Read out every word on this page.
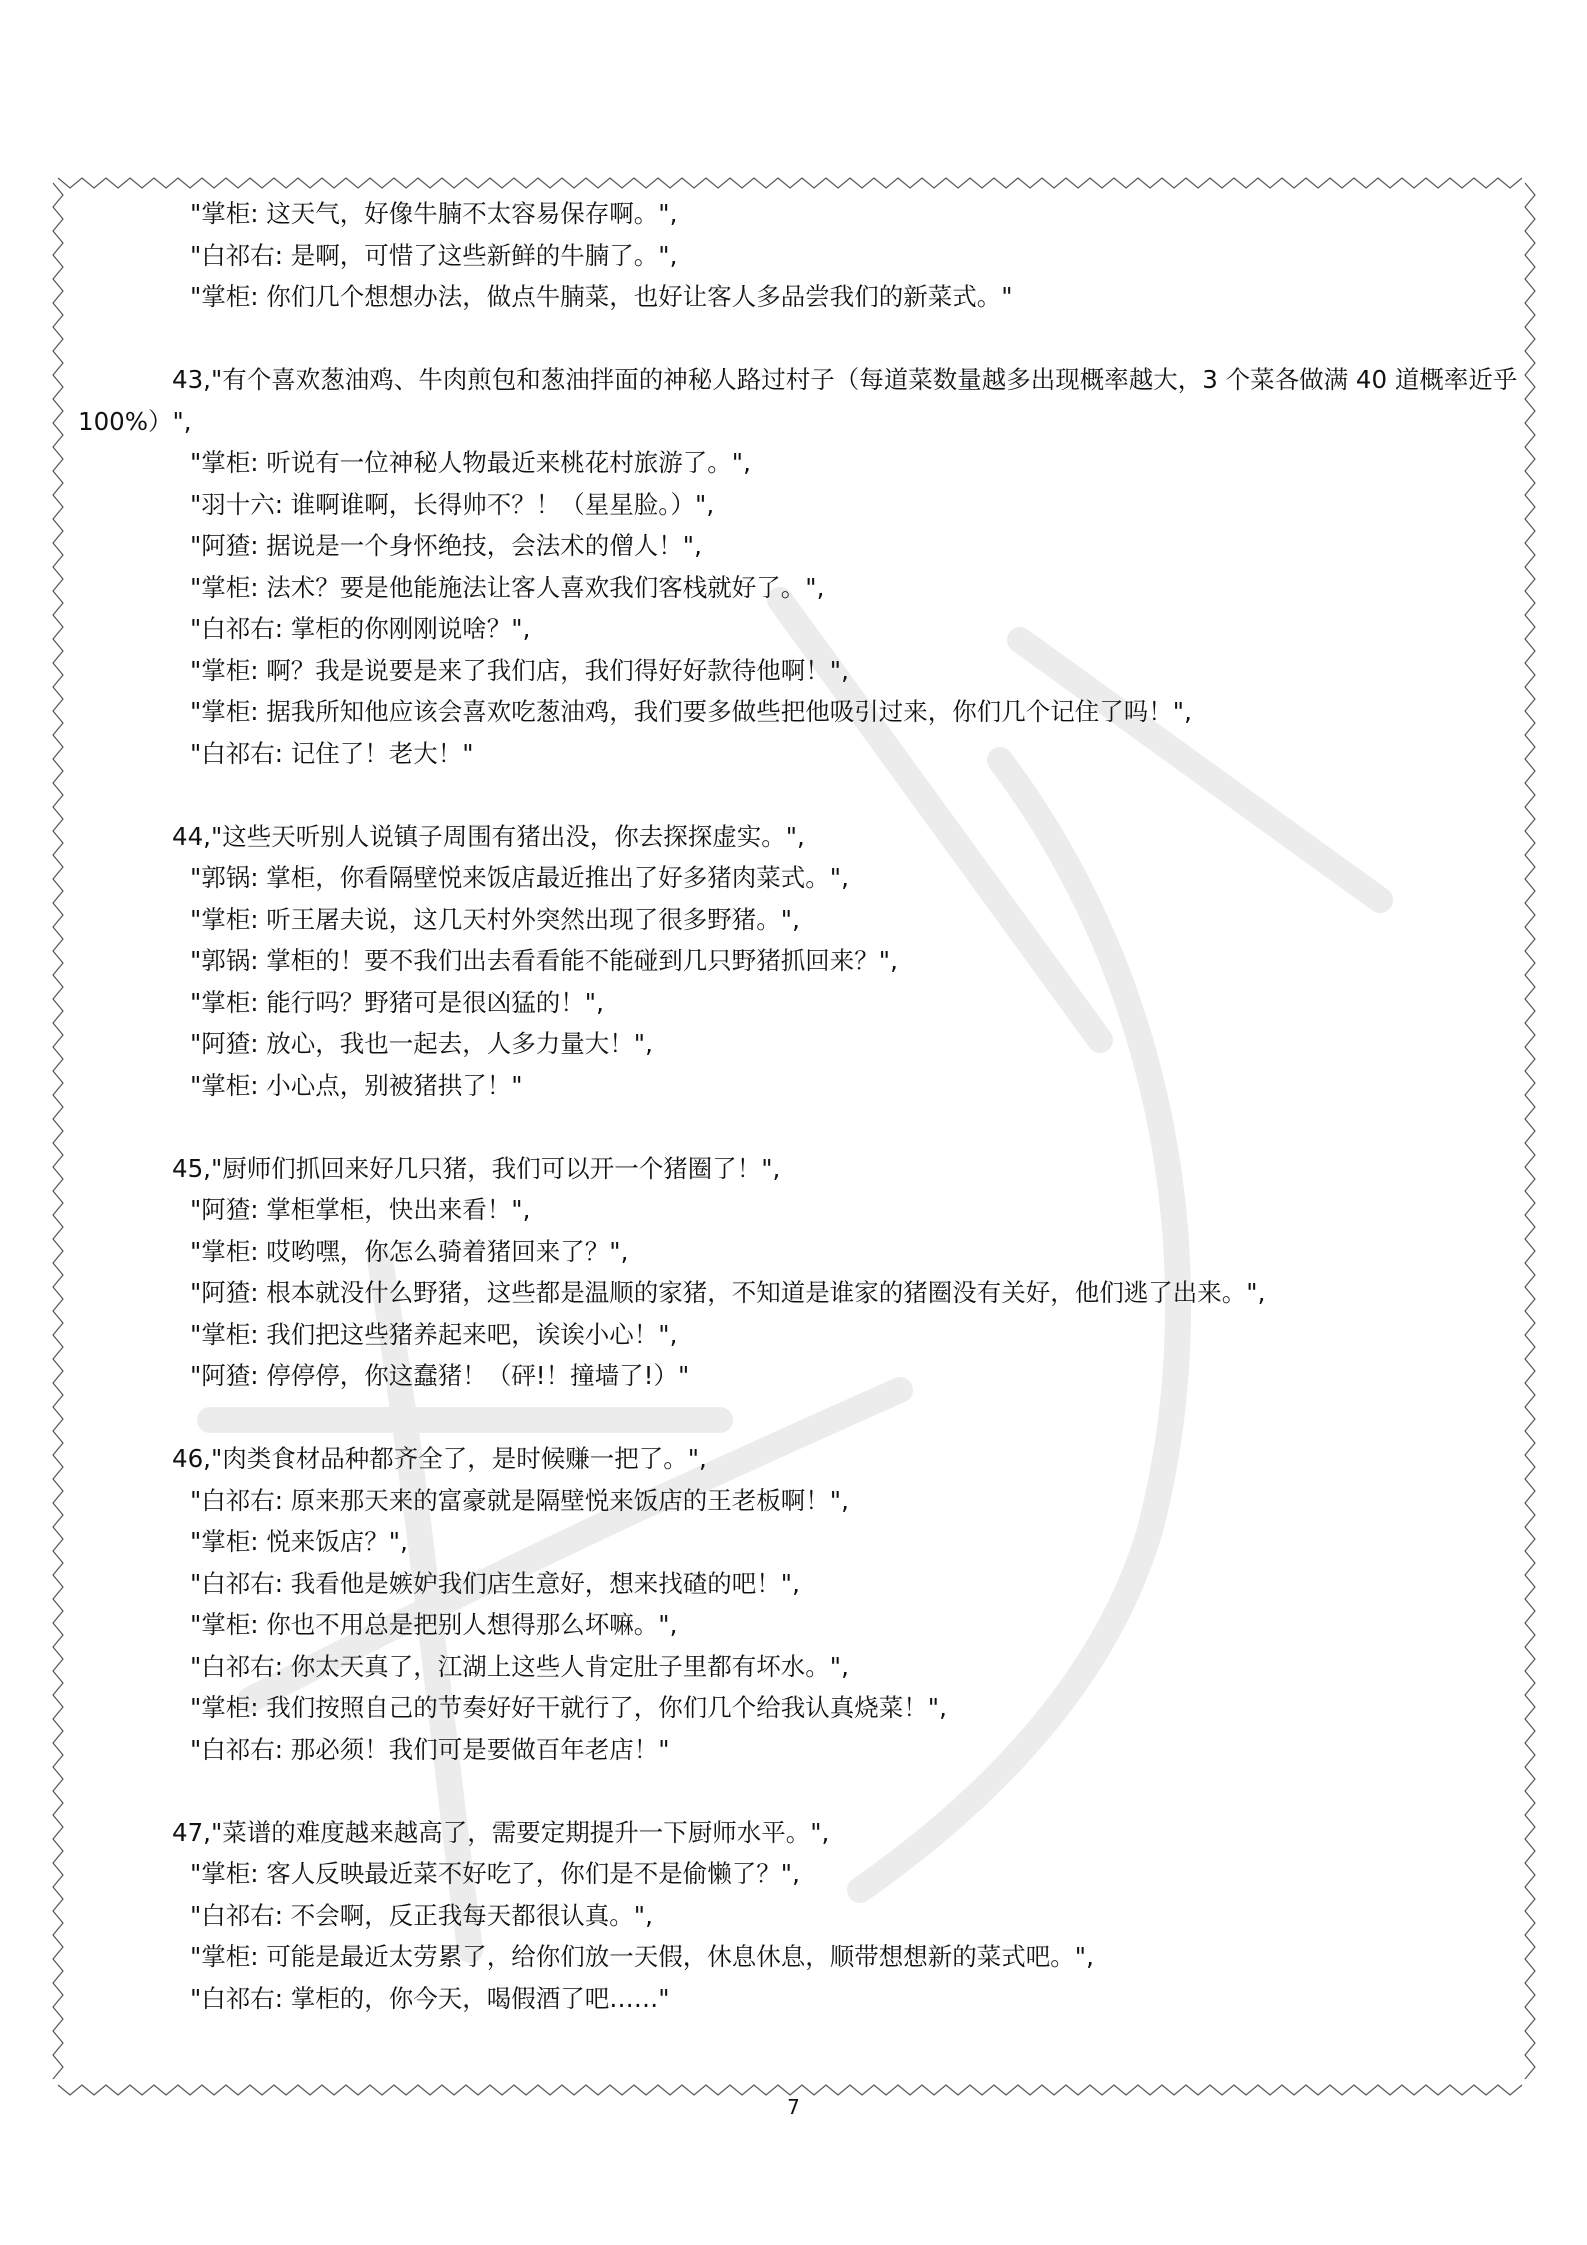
"掌柜: 这天气，好像牛腩不太容易保存啊。",
"白祁右: 是啊，可惜了这些新鲜的牛腩了。",
"掌柜: 你们几个想想办法，做点牛腩菜，也好让客人多品尝我们的新菜式。"
43,"有个喜欢葱油鸡、牛肉煎包和葱油拌面的神秘人路过村子（每道菜数量越多出现概率越大，3 个菜各做满 40 道概率近乎 100%）",
"掌柜: 听说有一位神秘人物最近来桃花村旅游了。",
"羽十六: 谁啊谁啊，长得帅不？！（星星脸。）",
"阿猹: 据说是一个身怀绝技，会法术的僧人！",
"掌柜: 法术？要是他能施法让客人喜欢我们客栈就好了。",
"白祁右: 掌柜的你刚刚说啥？",
"掌柜: 啊？我是说要是来了我们店，我们得好好款待他啊！",
"掌柜: 据我所知他应该会喜欢吃葱油鸡，我们要多做些把他吸引过来，你们几个记住了吗！",
"白祁右: 记住了！老大！"
44,"这些天听别人说镇子周围有猪出没，你去探探虚实。",
"郭锅: 掌柜，你看隔壁悦来饭店最近推出了好多猪肉菜式。",
"掌柜: 听王屠夫说，这几天村外突然出现了很多野猪。",
"郭锅: 掌柜的！要不我们出去看看能不能碰到几只野猪抓回来？",
"掌柜: 能行吗？野猪可是很凶猛的！",
"阿猹: 放心，我也一起去，人多力量大！",
"掌柜: 小心点，别被猪拱了！"
45,"厨师们抓回来好几只猪，我们可以开一个猪圈了！",
"阿猹: 掌柜掌柜，快出来看！",
"掌柜: 哎哟嘿，你怎么骑着猪回来了？",
"阿猹: 根本就没什么野猪，这些都是温顺的家猪，不知道是谁家的猪圈没有关好，他们逃了出来。",
"掌柜: 我们把这些猪养起来吧，诶诶小心！",
"阿猹: 停停停，你这蠢猪！（砰!！撞墙了!）"
46,"肉类食材品种都齐全了，是时候赚一把了。",
"白祁右: 原来那天来的富豪就是隔壁悦来饭店的王老板啊！",
"掌柜: 悦来饭店？",
"白祁右: 我看他是嫉妒我们店生意好，想来找碴的吧！",
"掌柜: 你也不用总是把别人想得那么坏嘛。",
"白祁右: 你太天真了，江湖上这些人肯定肚子里都有坏水。",
"掌柜: 我们按照自己的节奏好好干就行了，你们几个给我认真烧菜！",
"白祁右: 那必须！我们可是要做百年老店！"
47,"菜谱的难度越来越高了，需要定期提升一下厨师水平。",
"掌柜: 客人反映最近菜不好吃了，你们是不是偷懒了？",
"白祁右: 不会啊，反正我每天都很认真。",
"掌柜: 可能是最近太劳累了，给你们放一天假，休息休息，顺带想想新的菜式吧。",
"白祁右: 掌柜的，你今天，喝假酒了吧……"
7
